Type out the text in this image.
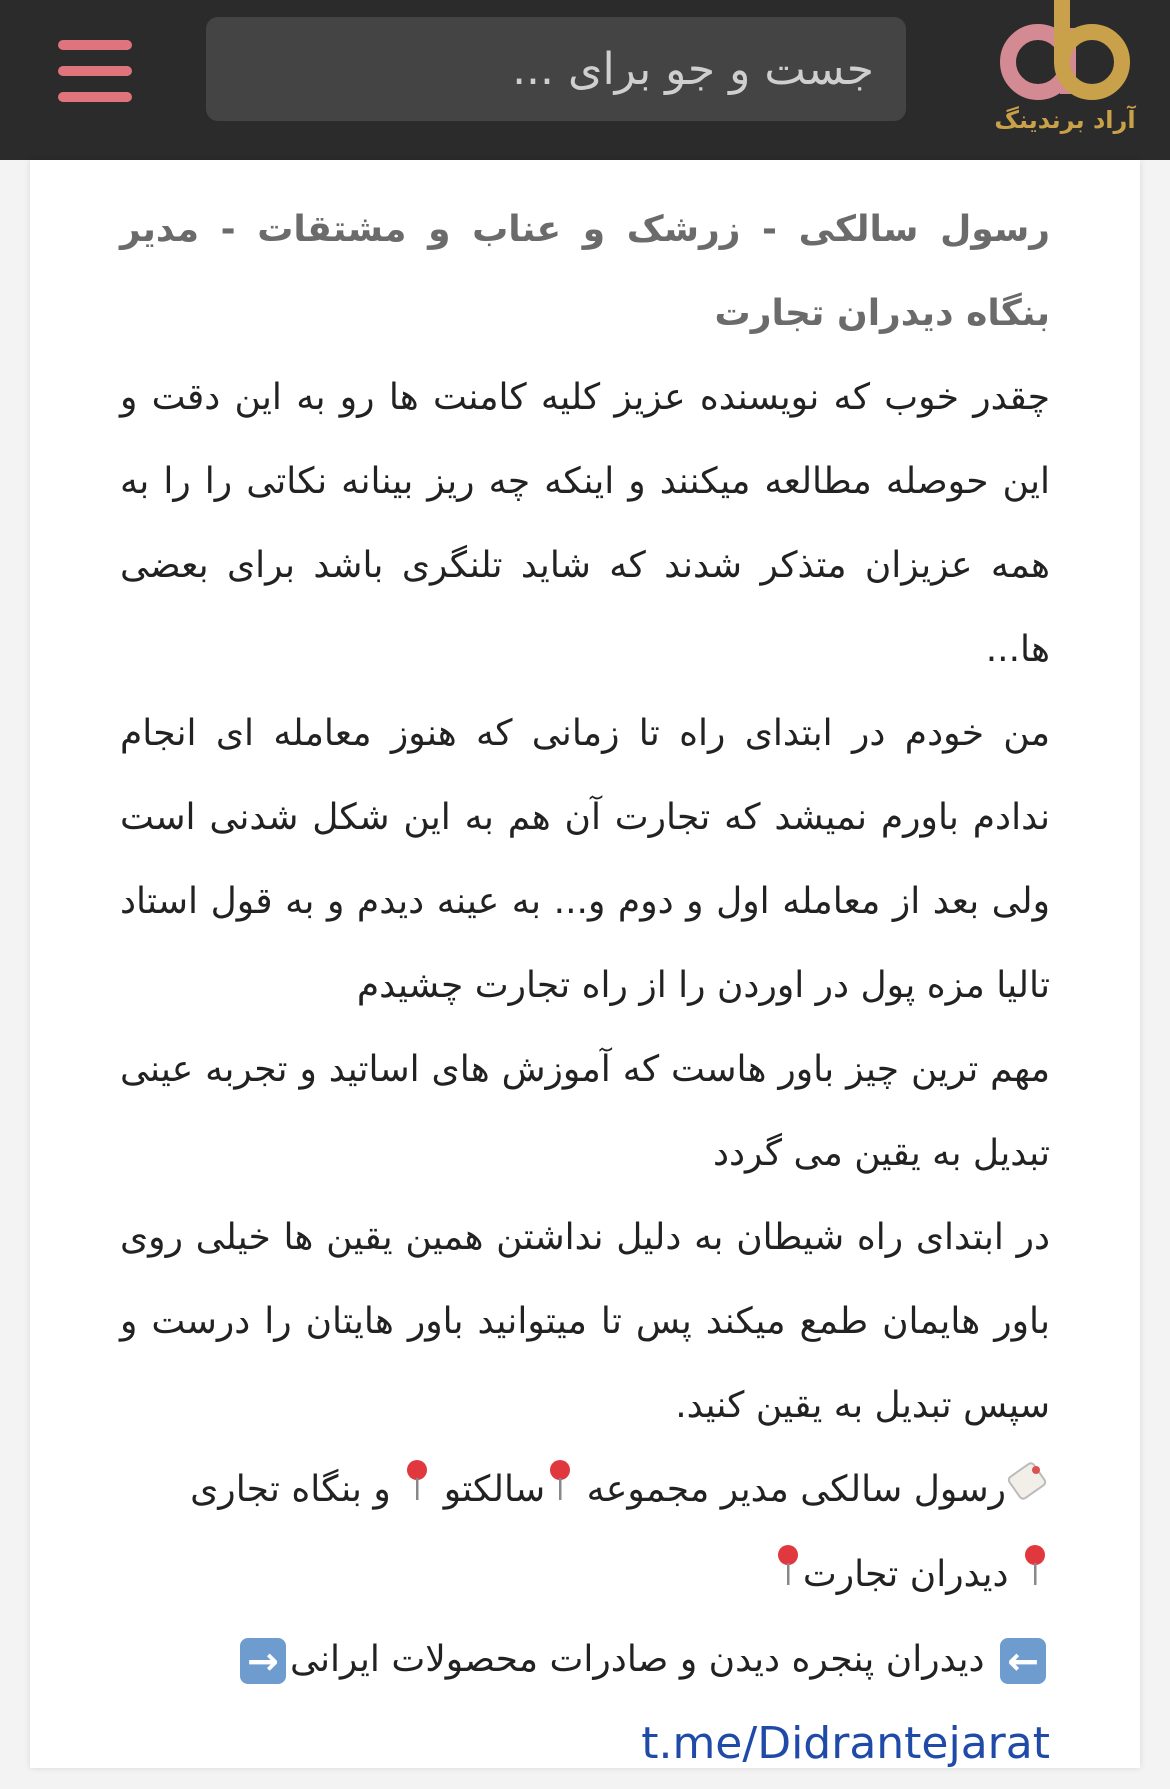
آراد برندینگ
جست و جو برای ...

رسول سالکی - زرشک و عناب و مشتقات - مدیر بنگاه دیدران تجارت

چقدر خوب که نویسنده عزیز کلیه کامنت ها رو به این دقت و این حوصله مطالعه میکنند و اینکه چه ریز بینانه نکاتی را را به همه عزیزان متذکر شدند که شاید تلنگری باشد برای بعضی ها...

من خودم در ابتدای راه تا زمانی که هنوز معامله ای انجام ندادم باورم نمیشد که تجارت آن هم به این شکل شدنی است ولی بعد از معامله اول و دوم و... به عینه دیدم و به قول استاد تالیا مزه پول در اوردن را از راه تجارت چشیدم

مهم ترین چیز باور هاست که آموزش های اساتید و تجربه عینی تبدیل به یقین می گردد

در ابتدای راه شیطان به دلیل نداشتن همین یقین ها خیلی روی باور هایمان طمع میکند پس تا میتوانید باور هایتان را درست و سپس تبدیل به یقین کنید.

رسول سالکی مدیر مجموعه سالکتو  و بنگاه تجاری
دیدران تجارت

← دیدران پنجره دیدن و صادرات محصولات ایرانی→

t.me/Didrantejarat
